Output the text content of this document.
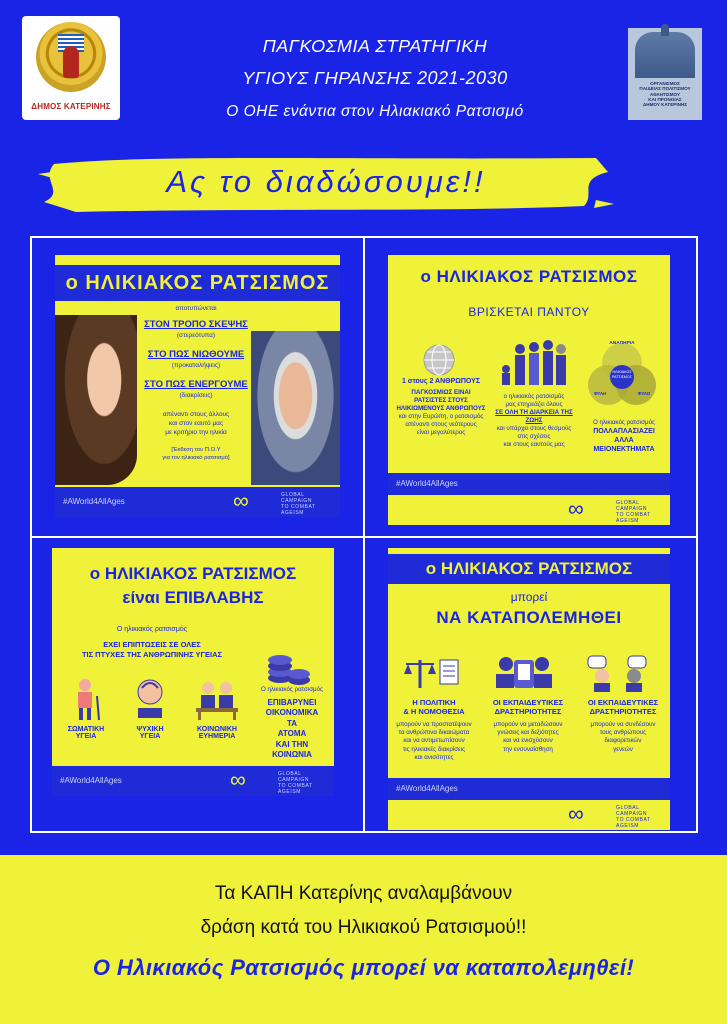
ΔΗΜΟΣ ΚΑΤΕΡΙΝΗΣ
ΟΡΓΑΝΙΣΜΟΣ
ΠΑΙΔΕΙΑΣ ΠΟΛΙΤΙΣΜΟΥ
ΑΘΛΗΤΙΣΜΟΥ
ΚΑΙ ΠΡΟΝΟΙΑΣ
ΔΗΜΟΥ ΚΑΤΕΡΙΝΗΣ
ΠΑΓΚΟΣΜΙΑ ΣΤΡΑΤΗΓΙΚΗ
ΥΓΙΟΥΣ ΓΗΡΑΝΣΗΣ 2021-2030
Ο ΟΗΕ ενάντια στον Ηλιακιακό Ρατσισμό
Ας το διαδώσουμε!!
ο ΗΛΙΚΙΑΚΟΣ ΡΑΤΣΙΣΜΟΣ
αποτυπώνεται
ΣΤΟΝ ΤΡΟΠΟ ΣΚΕΨΗΣ
(στερεότυπα)
ΣΤΟ ΠΩΣ ΝΙΩΘΟΥΜΕ
(προκαταλήψεις)
ΣΤΟ ΠΩΣ ΕΝΕΡΓΟΥΜΕ
(διακρίσεις)
απέναντι στους άλλους
και στον εαυτό μας
με κριτήριο την ηλικία
[Έκθεση του Π.Ο.Υ
για τον ηλικιακό ρατσισμό]
#AWorld4AllAges	∞	GLOBAL
CAMPAIGN
TO COMBAT
AGEISM
ο ΗΛΙΚΙΑΚΟΣ ΡΑΤΣΙΣΜΟΣ
ΒΡΙΣΚΕΤΑΙ ΠΑΝΤΟΥ
1 στους 2 ΑΝΘΡΩΠΟΥΣ
ΠΑΓΚΟΣΜΙΩΣ ΕΙΝΑΙ
ΡΑΤΣΙΣΤΕΣ ΣΤΟΥΣ
ΗΛΙΚΙΩΜΕΝΟΥΣ ΑΝΘΡΩΠΟΥΣ
και στην Ευρώπη, ο ρατσισμός
απέναντι στους νεότερους
είναι μεγαλύτερος
ο ηλικιακός ρατσισμός
μας επηρεάζει όλους
ΣΕ ΟΛΗ ΤΗ ΔΙΑΡΚΕΙΑ ΤΗΣ ΖΩΗΣ
και υπάρχει στους θεσμούς
στις σχέσεις
και στους εαυτούς μας
ΑΝΑΠΗΡΙΑ
ΗΛΙΚΙΑΚΟΣ
ΡΑΤΣΙΣΜΟΣ
ΦΥΛΗ	ΦΥΛΟ
Ο ηλικιακός ρατσισμός
ΠΟΛΛΑΠΛΑΣΙΑΖΕΙ
ΑΛΛΑ
ΜΕΙΟΝΕΚΤΗΜΑΤΑ
#AWorld4AllAges
∞	GLOBAL
CAMPAIGN
TO COMBAT
AGEISM
ο ΗΛΙΚΙΑΚΟΣ ΡΑΤΣΙΣΜΟΣ
είναι ΕΠΙΒΛΑΒΗΣ
Ο ηλικιακός ρατσισμός
ΕΧΕΙ ΕΠΙΠΤΩΣΕΙΣ ΣΕ ΟΛΕΣ
ΤΙΣ ΠΤΥΧΕΣ ΤΗΣ ΑΝΘΡΩΠΙΝΗΣ ΥΓΕΙΑΣ
ΣΩΜΑΤΙΚΗ
ΥΓΕΙΑ
ΨΥΧΙΚΗ
ΥΓΕΙΑ
ΚΟΙΝΩΝΙΚΗ
ΕΥΗΜΕΡΙΑ
Ο ηλικιακός ρατσισμός
ΕΠΙΒΑΡΥΝΕΙ
ΟΙΚΟΝΟΜΙΚΑ
ΤΑ
ΑΤΟΜΑ
ΚΑΙ ΤΗΝ
ΚΟΙΝΩΝΙΑ
#AWorld4AllAges	∞	GLOBAL
CAMPAIGN
TO COMBAT
AGEISM
ο ΗΛΙΚΙΑΚΟΣ ΡΑΤΣΙΣΜΟΣ
μπορεί
ΝΑ ΚΑΤΑΠΟΛΕΜΗΘΕΙ
Η ΠΟΛΙΤΙΚΗ
& Η ΝΟΜΟΘΕΣΙΑ
μπορούν να προστατέψουν
τα ανθρώπινα δικαιώματα
και να αντιμετωπίσουν
τις ηλικιακές διακρίσεις
και ανισότητες
ΟΙ ΕΚΠΑΙΔΕΥΤΙΚΕΣ
ΔΡΑΣΤΗΡΙΟΤΗΤΕΣ
μπορούν να μεταδώσουν
γνώσεις και δεξιότητες
και να ενισχύσουν
την ενσυναίσθηση
ΟΙ ΕΚΠΑΙΔΕΥΤΙΚΕΣ
ΔΡΑΣΤΗΡΙΟΤΗΤΕΣ
μπορούν να συνδέσουν
τους ανθρώπους
διαφορετικών
γενεών
#AWorld4AllAges
∞	GLOBAL
CAMPAIGN
TO COMBAT
AGEISM
Τα ΚΑΠΗ Κατερίνης αναλαμβάνουν
δράση κατά του Ηλικιακού Ρατσισμού!!
Ο Ηλικιακός Ρατσισμός μπορεί να καταπολεμηθεί!
